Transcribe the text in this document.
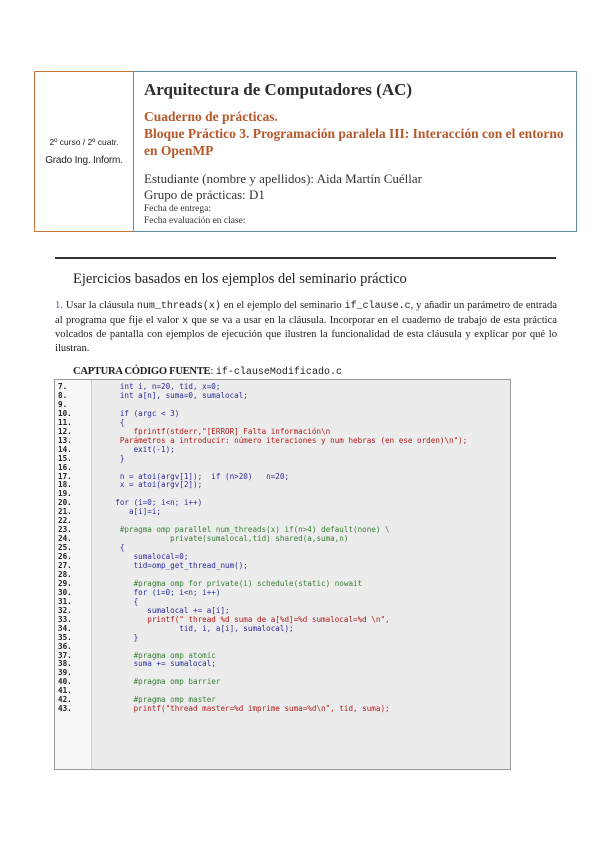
2º curso / 2º cuatr.
Grado Ing. Inform.
Arquitectura de Computadores (AC)
Cuaderno de prácticas.
Bloque Práctico 3. Programación paralela III: Interacción con el entorno en OpenMP
Estudiante (nombre y apellidos): Aida Martín Cuéllar
Grupo de prácticas: D1
Fecha de entrega:
Fecha evaluación en clase:
Ejercicios basados en los ejemplos del seminario práctico
1. Usar la cláusula num_threads(x) en el ejemplo del seminario if_clause.c, y añadir un parámetro de entrada al programa que fije el valor x que se va a usar en la cláusula. Incorporar en el cuaderno de trabajo de esta práctica volcados de pantalla con ejemplos de ejecución que ilustren la funcionalidad de esta cláusula y explicar por qué lo ilustran.
CAPTURA CÓDIGO FUENTE: if-clauseModificado.c
7.	int i, n=20, tid, x=0;
8.	int a[n], suma=0, sumalocal;
9.
10.	if (argc < 3)
11.	{
12.	fprintf(stderr,"[ERROR] Falta información\n
13.	Parámetros a introducir: número iteraciones y num hebras (en ese orden)\n");
14.	exit(-1);
15.	}
16.
17.	n = atoi(argv[1]);  if (n>20)   n=20;
18.	x = atoi(argv[2]);
19.
20.	for (i=0; i<n; i++)
21.	a[i]=i;
22.
23.	#pragma omp parallel num_threads(x) if(n>4) default(none) \
24.	private(sumalocal,tid) shared(a,suma,n)
25.	{
26.	sumalocal=0;
27.	tid=omp_get_thread_num();
28.
29.	#pragma omp for private(i) schedule(static) nowait
30.	for (i=0; i<n; i++)
31.	{
32.	sumalocal += a[i];
33.	printf(" thread %d suma de a[%d]=%d sumalocal=%d \n",
34.	tid, i, a[i], sumalocal);
35.	}
36.
37.	#pragma omp atomic
38.	suma += sumalocal;
39.
40.	#pragma omp barrier
41.
42.	#pragma omp master
43.	printf("thread master=%d imprime suma=%d\n", tid, suma);
